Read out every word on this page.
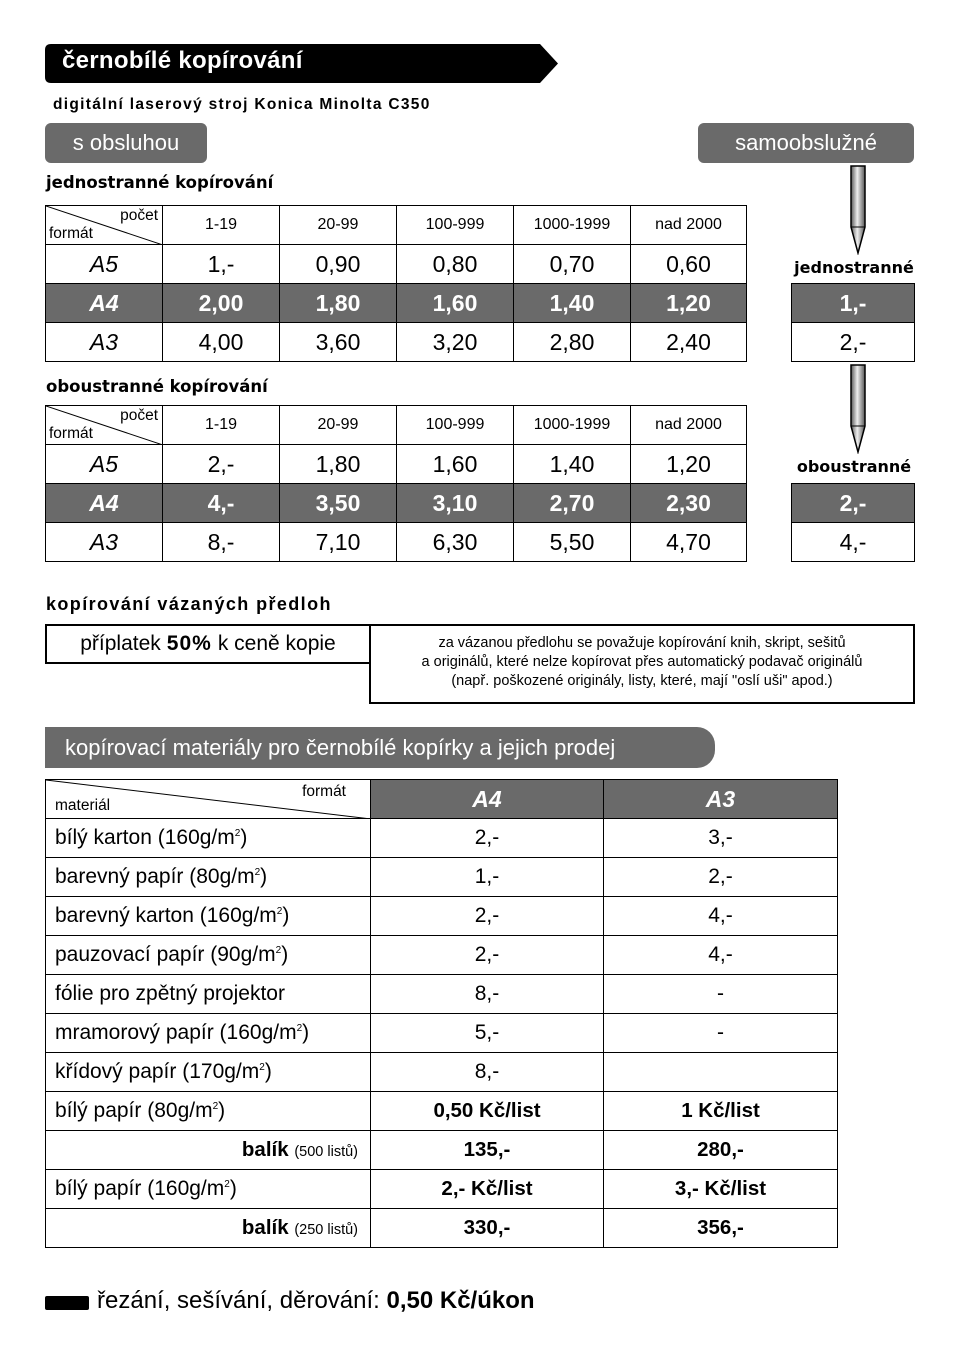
černobílé kopírování
digitální laserový stroj Konica Minolta C350
s obsluhou	samoobslužné
jednostranné kopírování
počet
formát	1-19	20-99	100-999	1000-1999	nad 2000
A5	1,-	0,90	0,80	0,70	0,60
A4	2,00	1,80	1,60	1,40	1,20
A3	4,00	3,60	3,20	2,80	2,40
oboustranné kopírování
počet
formát	1-19	20-99	100-999	1000-1999	nad 2000
A5	2,-	1,80	1,60	1,40	1,20
A4	4,-	3,50	3,10	2,70	2,30
A3	8,-	7,10	6,30	5,50	4,70
jednostranné
1,-
2,-
oboustranné
2,-
4,-
kopírování vázaných předloh
příplatek 50% k ceně kopie	za vázanou předlohu se považuje kopírování knih, skript, sešitů
a originálů, které nelze kopírovat přes automatický podavač originálů
(např. poškozené originály, listy, které, mají "oslí uši" apod.)
kopírovací materiály pro černobílé kopírky a jejich prodej
formát
materiál	A4	A3
bílý karton $(160g/m^2)$	2,-	3,-
barevný papír $(80g/m^2)$	1,-	2,-
barevný karton $(160g/m^2)$	2,-	4,-
pauzovací papír $(90g/m^2)$	2,-	4,-
fólie pro zpětný projektor	8,-	-
mramorový papír $(160g/m^2)$	5,-	-
křídový papír $(170g/m^2)$	8,-	
bílý papír $(80g/m^2)$	0,50 Kč/list	1 Kč/list
balík (500 listů)	135,-	280,-
bílý papír $(160g/m^2)$	2,- Kč/list	3,- Kč/list
balík (250 listů)	330,-	356,-
řezání, sešívání, děrování: 0,50 Kč/úkon
